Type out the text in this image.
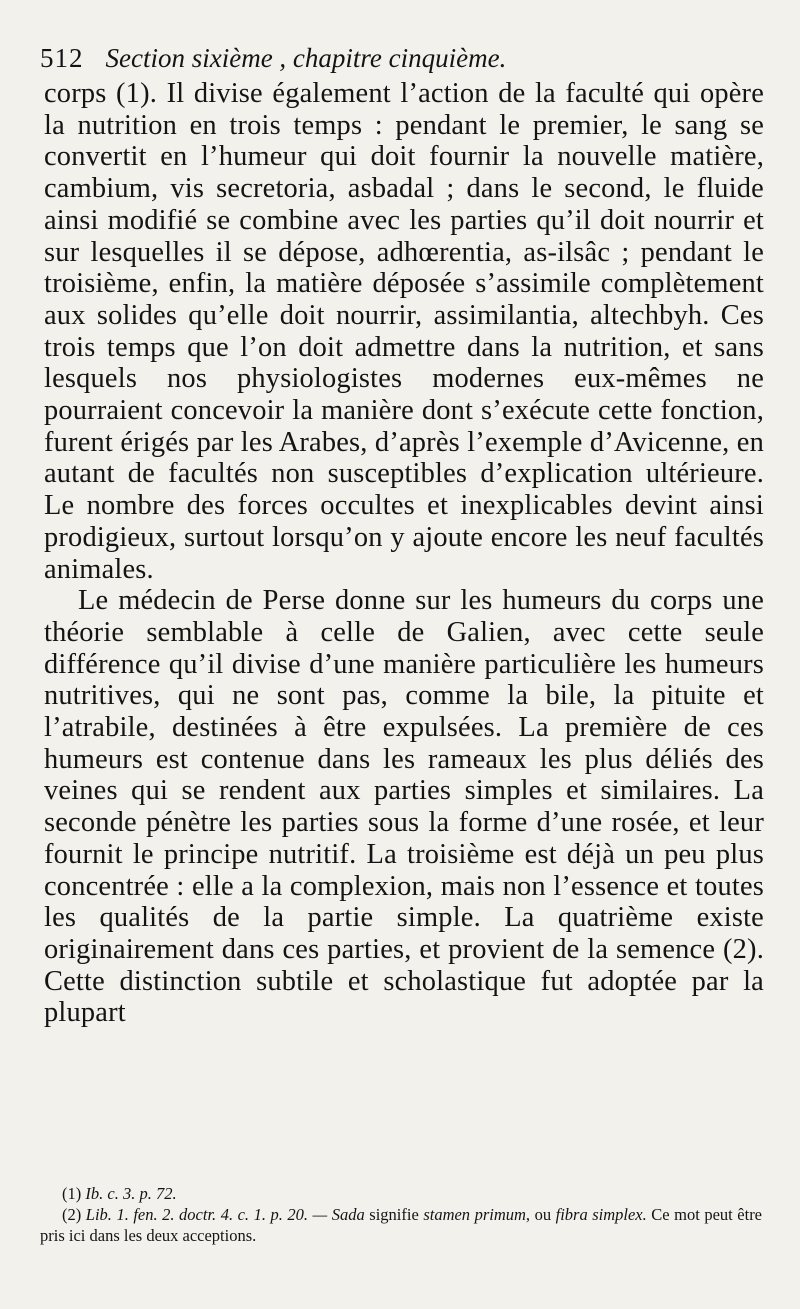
512 Section sixième , chapitre cinquième.

corps (1). Il divise également l’action de la faculté qui opère la nutrition en trois temps : pendant le premier, le sang se convertit en l’humeur qui doit fournir la nouvelle matière, cambium, vis secretoria, asbadal ; dans le second, le fluide ainsi modifié se combine avec les parties qu’il doit nourrir et sur lesquelles il se dépose, adhœrentia, as-ilsâc ; pendant le troisième, enfin, la matière déposée s’assimile complètement aux solides qu’elle doit nourrir, assimilantia, altechbyh. Ces trois temps que l’on doit admettre dans la nutrition, et sans lesquels nos physiologistes modernes eux-mêmes ne pourraient concevoir la manière dont s’exécute cette fonction, furent érigés par les Arabes, d’après l’exemple d’Avicenne, en autant de facultés non susceptibles d’explication ultérieure. Le nombre des forces occultes et inexplicables devint ainsi prodigieux, surtout lorsqu’on y ajoute encore les neuf facultés animales.

Le médecin de Perse donne sur les humeurs du corps une théorie semblable à celle de Galien, avec cette seule différence qu’il divise d’une manière particulière les humeurs nutritives, qui ne sont pas, comme la bile, la pituite et l’atrabile, destinées à être expulsées. La première de ces humeurs est contenue dans les rameaux les plus déliés des veines qui se rendent aux parties simples et similaires. La seconde pénètre les parties sous la forme d’une rosée, et leur fournit le principe nutritif. La troisième est déjà un peu plus concentrée : elle a la complexion, mais non l’essence et toutes les qualités de la partie simple. La quatrième existe originairement dans ces parties, et provient de la semence (2). Cette distinction subtile et scholastique fut adoptée par la plupart

(1) Ib. c. 3. p. 72.

(2) Lib. 1. fen. 2. doctr. 4. c. 1. p. 20. — Sada signifie stamen primum, ou fibra simplex. Ce mot peut être pris ici dans les deux acceptions.
